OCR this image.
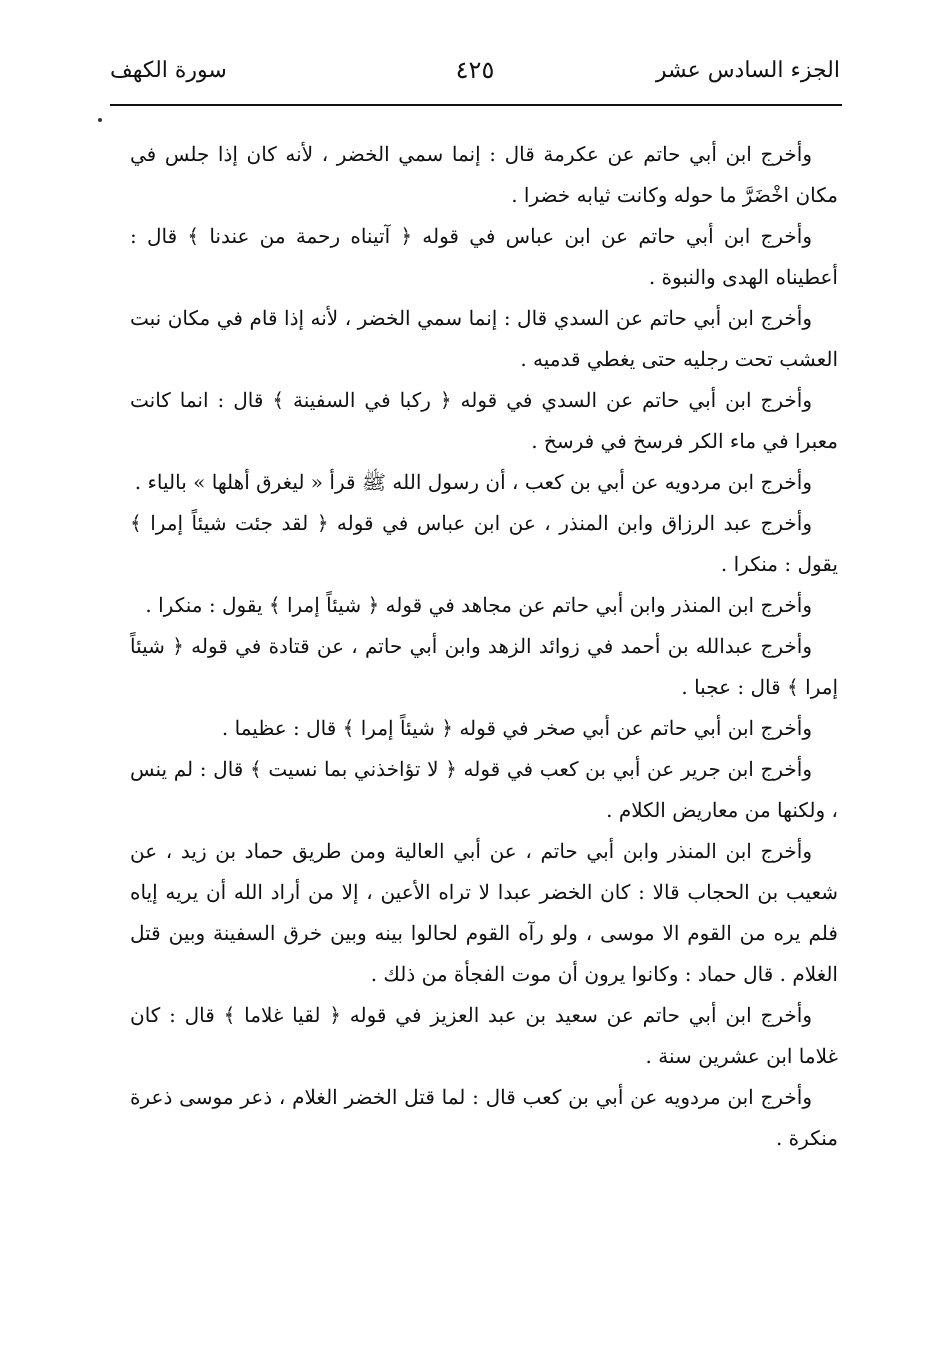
الجزء السادس عشر
٤٢٥
سورة الكهف

وأخرج ابن أبي حاتم عن عكرمة قال : إنما سمي الخضر ، لأنه كان إذا جلس في مكان اخْضَرَّ ما حوله وكانت ثيابه خضرا .

وأخرج ابن أبي حاتم عن ابن عباس في قوله ﴿ آتيناه رحمة من عندنا ﴾ قال : أعطيناه الهدى والنبوة .

وأخرج ابن أبي حاتم عن السدي قال : إنما سمي الخضر ، لأنه إذا قام في مكان نبت العشب تحت رجليه حتى يغطي قدميه .

وأخرج ابن أبي حاتم عن السدي في قوله ﴿ ركبا في السفينة ﴾ قال : انما كانت معبرا في ماء الكر فرسخ في فرسخ .

وأخرج ابن مردويه عن أبي بن كعب ، أن رسول الله ﷺ قرأ « ليغرق أهلها » بالياء .

وأخرج عبد الرزاق وابن المنذر ، عن ابن عباس في قوله ﴿ لقد جئت شيئاً إمرا ﴾ يقول : منكرا .

وأخرج ابن المنذر وابن أبي حاتم عن مجاهد في قوله ﴿ شيئاً إمرا ﴾ يقول : منكرا .

وأخرج عبدالله بن أحمد في زوائد الزهد وابن أبي حاتم ، عن قتادة في قوله ﴿ شيئاً إمرا ﴾ قال : عجبا .

وأخرج ابن أبي حاتم عن أبي صخر في قوله ﴿ شيئاً إمرا ﴾ قال : عظيما .

وأخرج ابن جرير عن أبي بن كعب في قوله ﴿ لا تؤاخذني بما نسيت ﴾ قال : لم ينس ، ولكنها من معاريض الكلام .

وأخرج ابن المنذر وابن أبي حاتم ، عن أبي العالية ومن طريق حماد بن زيد ، عن شعيب بن الحجاب قالا : كان الخضر عبدا لا تراه الأعين ، إلا من أراد الله أن يريه إياه فلم يره من القوم الا موسى ، ولو رآه القوم لحالوا بينه وبين خرق السفينة وبين قتل الغلام . قال حماد : وكانوا يرون أن موت الفجأة من ذلك .

وأخرج ابن أبي حاتم عن سعيد بن عبد العزيز في قوله ﴿ لقيا غلاما ﴾ قال : كان غلاما ابن عشرين سنة .

وأخرج ابن مردويه عن أبي بن كعب قال : لما قتل الخضر الغلام ، ذعر موسى ذعرة منكرة .
